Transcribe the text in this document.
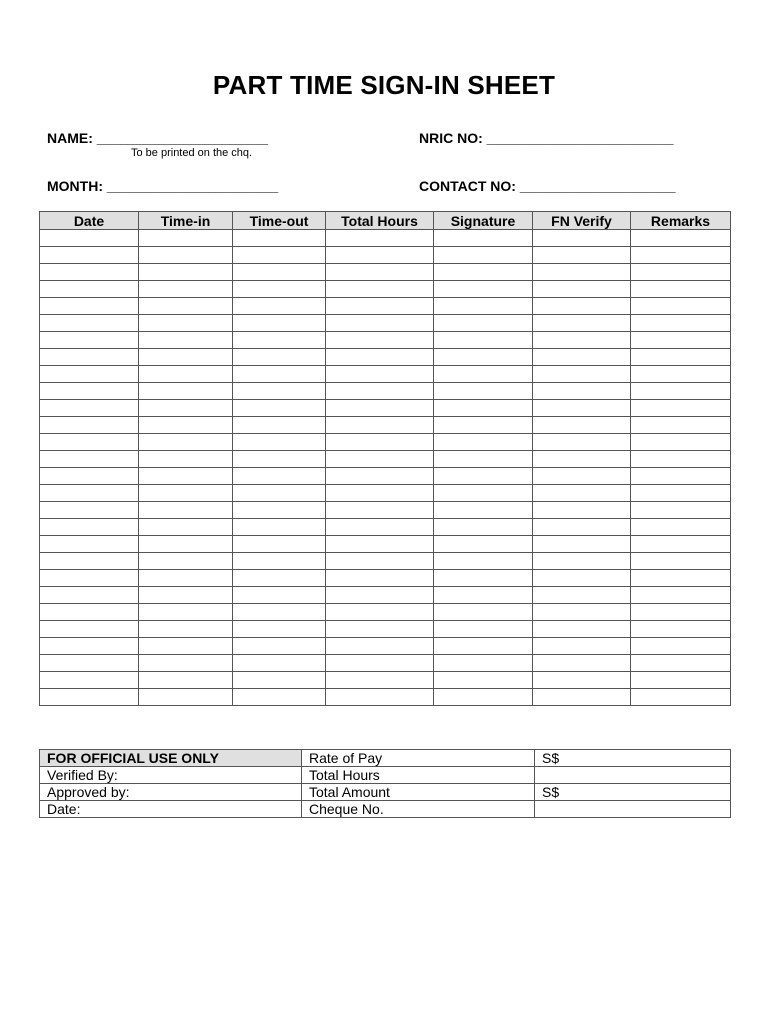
PART TIME SIGN-IN SHEET
NAME: ______________________
To be printed on the chq.
NRIC NO: ________________________
MONTH: ______________________	CONTACT NO: ____________________
Date	Time-in	Time-out	Total Hours	Signature	FN Verify	Remarks

FOR OFFICIAL USE ONLY	Rate of Pay	S$
Verified By:	Total Hours	
Approved by:	Total Amount	S$
Date:	Cheque No.	
